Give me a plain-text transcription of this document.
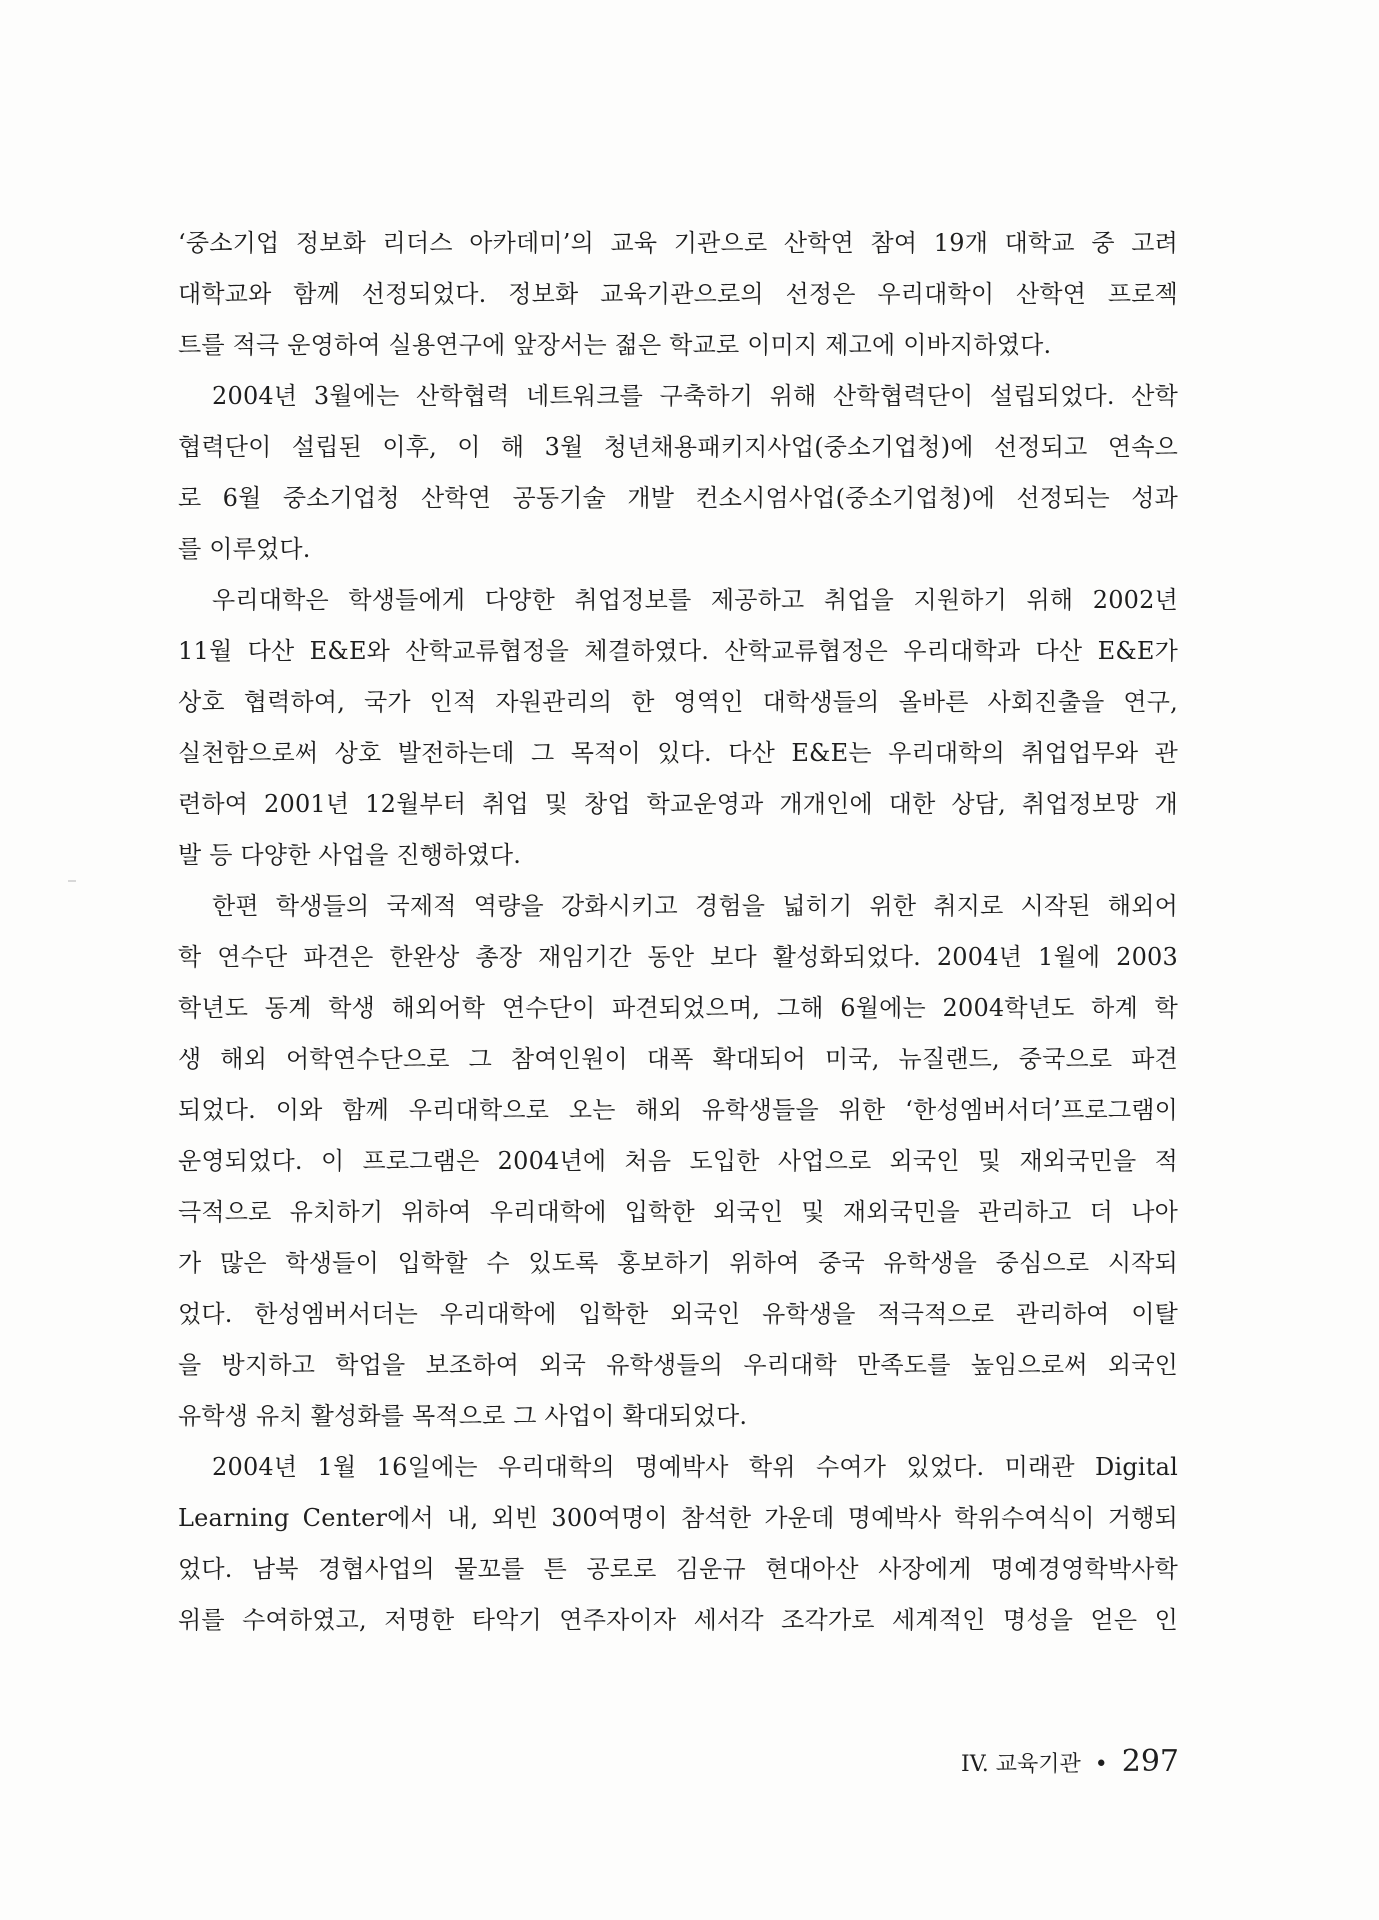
‘중소기업 정보화 리더스 아카데미’의 교육 기관으로 산학연 참여 19개 대학교 중 고려
대학교와 함께 선정되었다. 정보화 교육기관으로의 선정은 우리대학이 산학연 프로젝
트를 적극 운영하여 실용연구에 앞장서는 젊은 학교로 이미지 제고에 이바지하였다.
2004년 3월에는 산학협력 네트워크를 구축하기 위해 산학협력단이 설립되었다. 산학
협력단이 설립된 이후, 이 해 3월 청년채용패키지사업(중소기업청)에 선정되고 연속으
로 6월 중소기업청 산학연 공동기술 개발 컨소시엄사업(중소기업청)에 선정되는 성과
를 이루었다.
우리대학은 학생들에게 다양한 취업정보를 제공하고 취업을 지원하기 위해 2002년
11월 다산 E&E와 산학교류협정을 체결하였다. 산학교류협정은 우리대학과 다산 E&E가
상호 협력하여, 국가 인적 자원관리의 한 영역인 대학생들의 올바른 사회진출을 연구,
실천함으로써 상호 발전하는데 그 목적이 있다. 다산 E&E는 우리대학의 취업업무와 관
련하여 2001년 12월부터 취업 및 창업 학교운영과 개개인에 대한 상담, 취업정보망 개
발 등 다양한 사업을 진행하였다.
한편 학생들의 국제적 역량을 강화시키고 경험을 넓히기 위한 취지로 시작된 해외어
학 연수단 파견은 한완상 총장 재임기간 동안 보다 활성화되었다. 2004년 1월에 2003
학년도 동계 학생 해외어학 연수단이 파견되었으며, 그해 6월에는 2004학년도 하계 학
생 해외 어학연수단으로 그 참여인원이 대폭 확대되어 미국, 뉴질랜드, 중국으로 파견
되었다. 이와 함께 우리대학으로 오는 해외 유학생들을 위한 ‘한성엠버서더’프로그램이
운영되었다. 이 프로그램은 2004년에 처음 도입한 사업으로 외국인 및 재외국민을 적
극적으로 유치하기 위하여 우리대학에 입학한 외국인 및 재외국민을 관리하고 더 나아
가 많은 학생들이 입학할 수 있도록 홍보하기 위하여 중국 유학생을 중심으로 시작되
었다. 한성엠버서더는 우리대학에 입학한 외국인 유학생을 적극적으로 관리하여 이탈
을 방지하고 학업을 보조하여 외국 유학생들의 우리대학 만족도를 높임으로써 외국인
유학생 유치 활성화를 목적으로 그 사업이 확대되었다.
2004년 1월 16일에는 우리대학의 명예박사 학위 수여가 있었다. 미래관 Digital
Learning Center에서 내, 외빈 300여명이 참석한 가운데 명예박사 학위수여식이 거행되
었다. 남북 경협사업의 물꼬를 튼 공로로 김운규 현대아산 사장에게 명예경영학박사학
위를 수여하였고, 저명한 타악기 연주자이자 세서각 조각가로 세계적인 명성을 얻은 인
IV. 교육기관 • 297
